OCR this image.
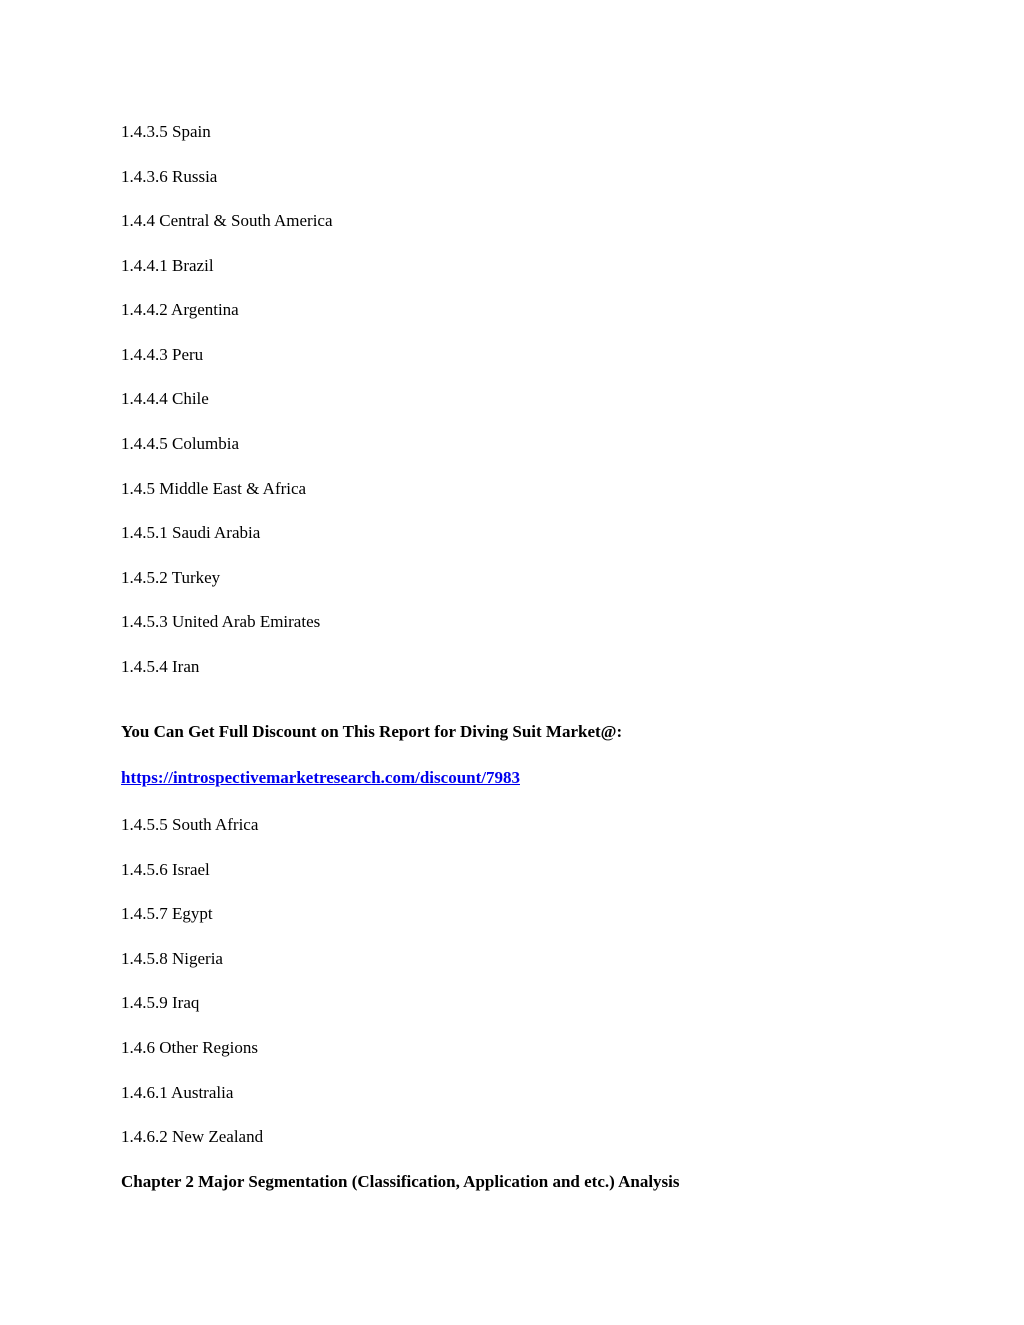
1.4.3.5 Spain
1.4.3.6 Russia
1.4.4 Central & South America
1.4.4.1 Brazil
1.4.4.2 Argentina
1.4.4.3 Peru
1.4.4.4 Chile
1.4.4.5 Columbia
1.4.5 Middle East & Africa
1.4.5.1 Saudi Arabia
1.4.5.2 Turkey
1.4.5.3 United Arab Emirates
1.4.5.4 Iran
You Can Get Full Discount on This Report for Diving Suit Market@:
https://introspectivemarketresearch.com/discount/7983
1.4.5.5 South Africa
1.4.5.6 Israel
1.4.5.7 Egypt
1.4.5.8 Nigeria
1.4.5.9 Iraq
1.4.6 Other Regions
1.4.6.1 Australia
1.4.6.2 New Zealand
Chapter 2 Major Segmentation (Classification, Application and etc.) Analysis
